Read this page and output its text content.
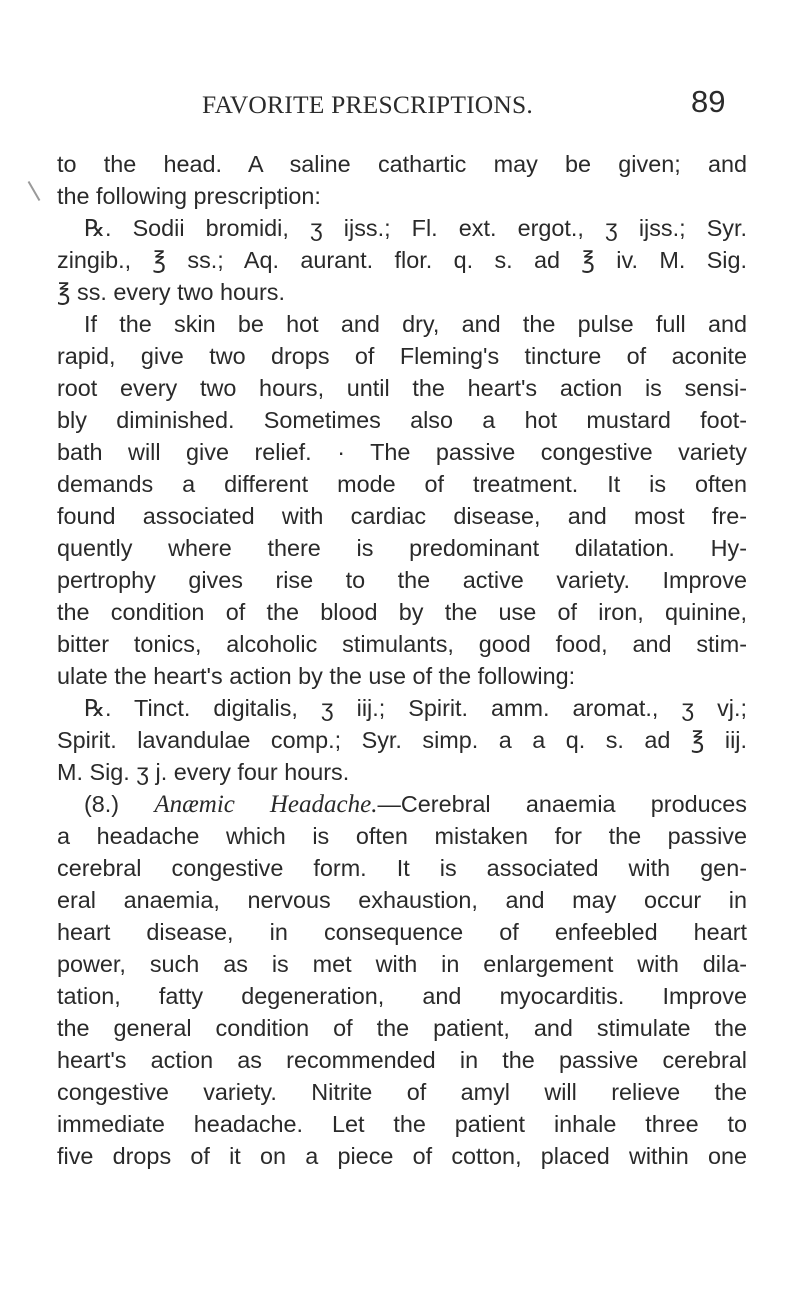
FAVORITE PRESCRIPTIONS.	89
to the head. A saline cathartic may be given; and
the following prescription:
℞. Sodii bromidi, ʒ ijss.; Fl. ext. ergot., ʒ ijss.; Syr.
zingib., ℥ ss.; Aq. aurant. flor. q. s. ad ℥ iv. M. Sig.
℥ ss. every two hours.
If the skin be hot and dry, and the pulse full and
rapid, give two drops of Fleming's tincture of aconite
root every two hours, until the heart's action is sensi-
bly diminished. Sometimes also a hot mustard foot-
bath will give relief. · The passive congestive variety
demands a different mode of treatment. It is often
found associated with cardiac disease, and most fre-
quently where there is predominant dilatation. Hy-
pertrophy gives rise to the active variety. Improve
the condition of the blood by the use of iron, quinine,
bitter tonics, alcoholic stimulants, good food, and stim-
ulate the heart's action by the use of the following:
℞. Tinct. digitalis, ʒ iij.; Spirit. amm. aromat., ʒ vj.;
Spirit. lavandulae comp.; Syr. simp. a a q. s. ad ℥ iij.
M. Sig. ʒ j. every four hours.
(8.) Anæmic Headache.—Cerebral anaemia produces
a headache which is often mistaken for the passive
cerebral congestive form. It is associated with gen-
eral anaemia, nervous exhaustion, and may occur in
heart disease, in consequence of enfeebled heart
power, such as is met with in enlargement with dila-
tation, fatty degeneration, and myocarditis. Improve
the general condition of the patient, and stimulate the
heart's action as recommended in the passive cerebral
congestive variety. Nitrite of amyl will relieve the
immediate headache. Let the patient inhale three to
five drops of it on a piece of cotton, placed within one
